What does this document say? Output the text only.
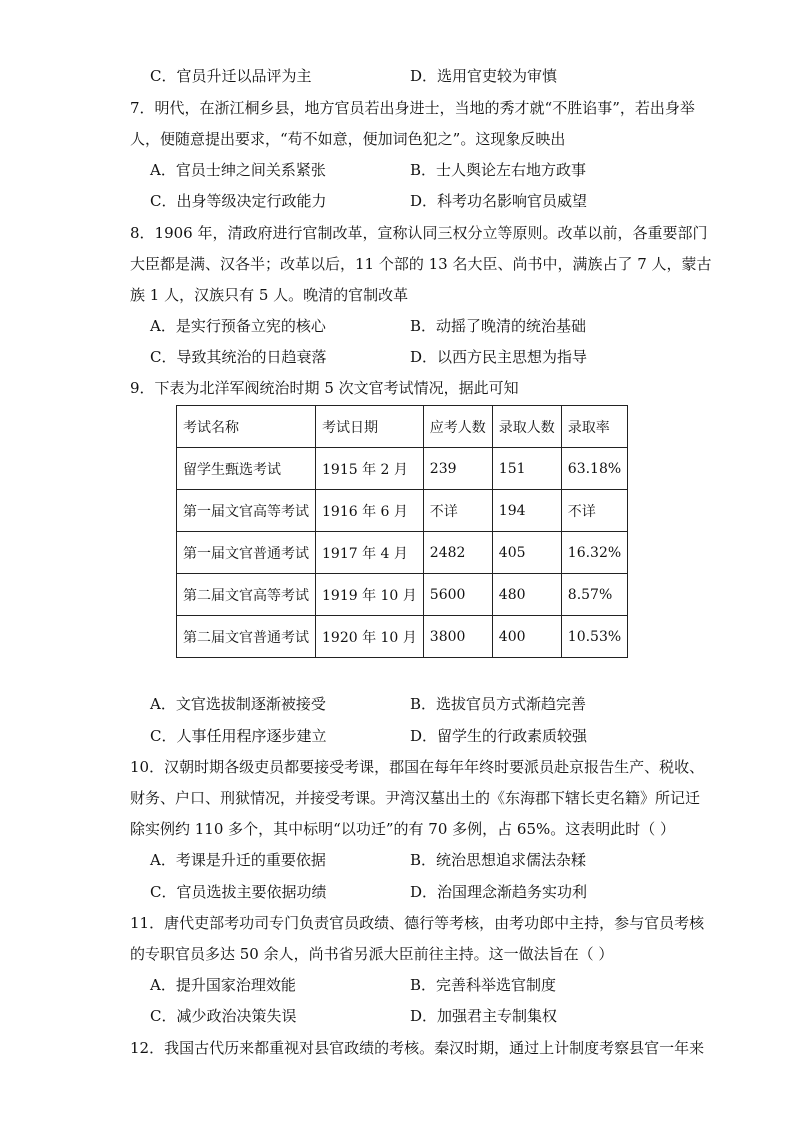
C．官员升迁以品评为主	D．选用官吏较为审慎
7．明代，在浙江桐乡县，地方官员若出身进士，当地的秀才就“不胜谄事”，若出身举
人，便随意提出要求，“苟不如意，便加词色犯之”。这现象反映出
A．官员士绅之间关系紧张	B．士人舆论左右地方政事
C．出身等级决定行政能力	D．科考功名影响官员威望
8．1906 年，清政府进行官制改革，宣称认同三权分立等原则。改革以前，各重要部门
大臣都是满、汉各半；改革以后，11 个部的 13 名大臣、尚书中，满族占了 7 人，蒙古
族 1 人，汉族只有 5 人。晚清的官制改革
A．是实行预备立宪的核心	B．动摇了晚清的统治基础
C．导致其统治的日趋衰落	D．以西方民主思想为指导
9．下表为北洋军阀统治时期 5 次文官考试情况，据此可知
考试名称	考试日期	应考人数	录取人数	录取率
留学生甄选考试	1915 年 2 月	239	151	63.18%
第一届文官高等考试	1916 年 6 月	不详	194	不详
第一届文官普通考试	1917 年 4 月	2482	405	16.32%
第二届文官高等考试	1919 年 10 月	5600	480	8.57%
第二届文官普通考试	1920 年 10 月	3800	400	10.53%
A．文官选拔制逐渐被接受	B．选拔官员方式渐趋完善
C．人事任用程序逐步建立	D．留学生的行政素质较强
10．汉朝时期各级吏员都要接受考课，郡国在每年年终时要派员赴京报告生产、税收、
财务、户口、刑狱情况，并接受考课。尹湾汉墓出土的《东海郡下辖长吏名籍》所记迁
除实例约 110 多个，其中标明“以功迁”的有 70 多例，占 65%。这表明此时（ ）
A．考课是升迁的重要依据	B．统治思想追求儒法杂糅
C．官员选拔主要依据功绩	D．治国理念渐趋务实功利
11．唐代吏部考功司专门负责官员政绩、德行等考核，由考功郎中主持，参与官员考核
的专职官员多达 50 余人，尚书省另派大臣前往主持。这一做法旨在（ ）
A．提升国家治理效能	B．完善科举选官制度
C．减少政治决策失误	D．加强君主专制集权
12．我国古代历来都重视对县官政绩的考核。秦汉时期，通过上计制度考察县官一年来
